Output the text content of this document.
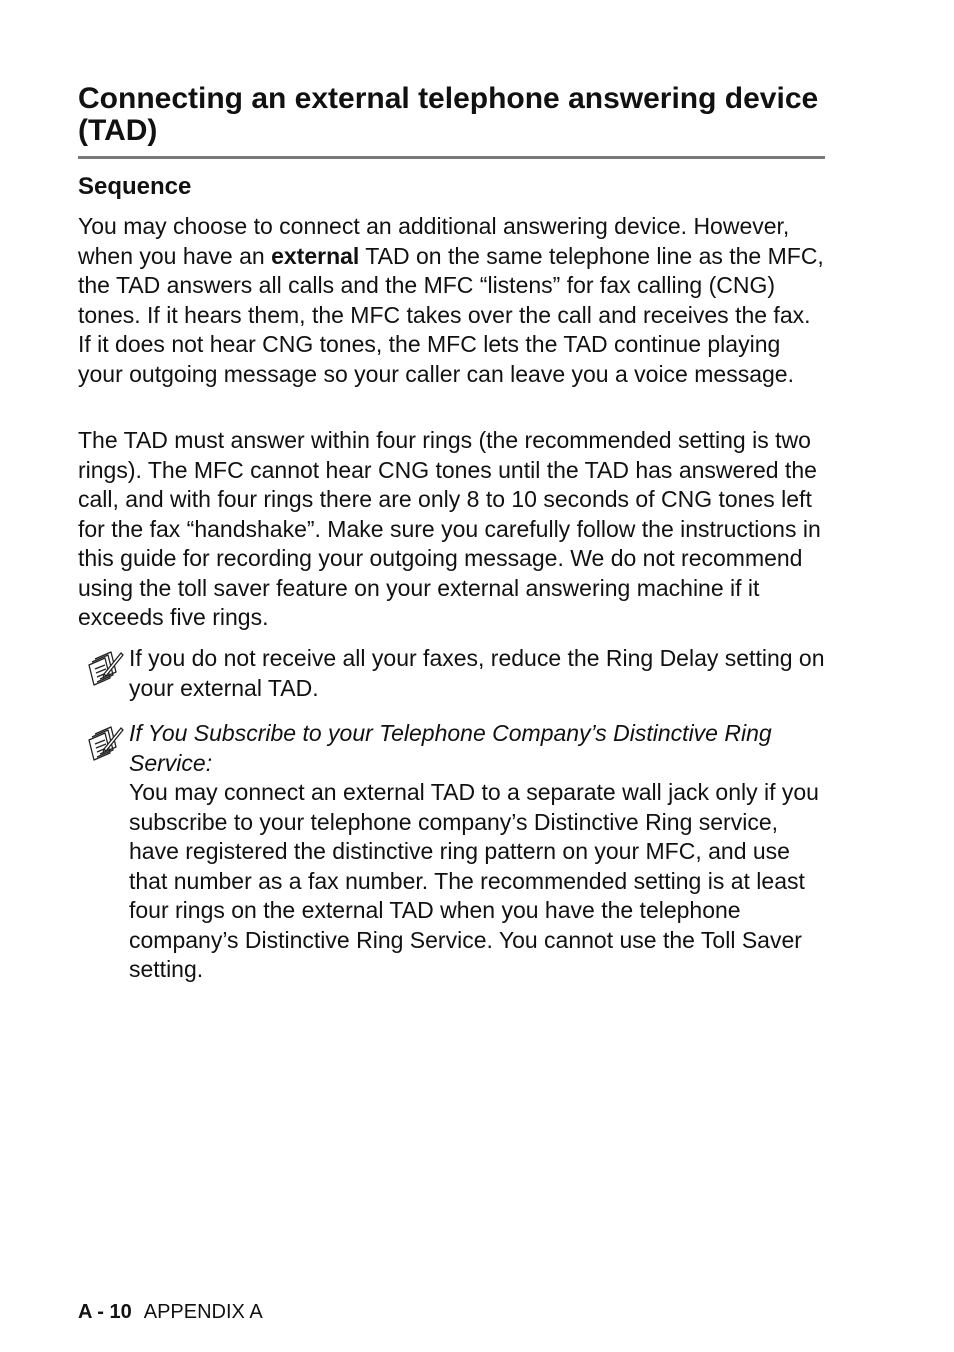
Connecting an external telephone answering device (TAD)
Sequence

You may choose to connect an additional answering device. However, when you have an external TAD on the same telephone line as the MFC, the TAD answers all calls and the MFC “listens” for fax calling (CNG) tones. If it hears them, the MFC takes over the call and receives the fax. If it does not hear CNG tones, the MFC lets the TAD continue playing your outgoing message so your caller can leave you a voice message.

The TAD must answer within four rings (the recommended setting is two rings). The MFC cannot hear CNG tones until the TAD has answered the call, and with four rings there are only 8 to 10 seconds of CNG tones left for the fax “handshake”. Make sure you carefully follow the instructions in this guide for recording your outgoing message. We do not recommend using the toll saver feature on your external answering machine if it exceeds five rings.

If you do not receive all your faxes, reduce the Ring Delay setting on your external TAD.

If You Subscribe to your Telephone Company’s Distinctive Ring Service:
You may connect an external TAD to a separate wall jack only if you subscribe to your telephone company’s Distinctive Ring service, have registered the distinctive ring pattern on your MFC, and use that number as a fax number. The recommended setting is at least four rings on the external TAD when you have the telephone company’s Distinctive Ring Service. You cannot use the Toll Saver setting.

A - 10 APPENDIX A
